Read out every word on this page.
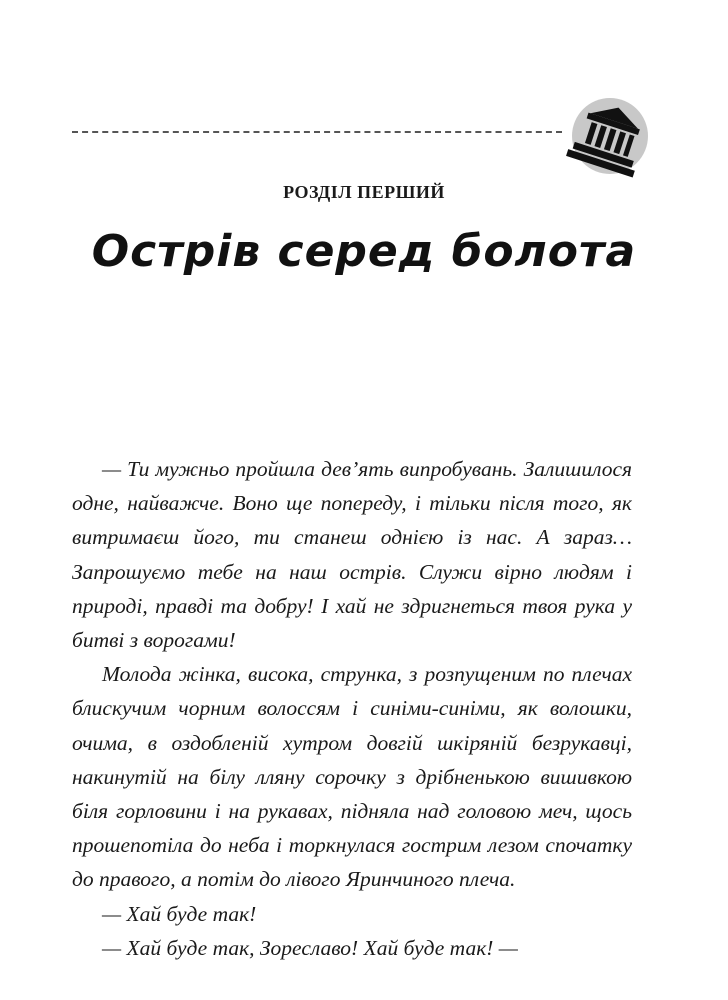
РОЗДІЛ ПЕРШИЙ
Острів серед болота

— Ти мужньо пройшла дев’ять випробувань. Залишилося одне, найважче. Воно ще попереду, і тільки після того, як витримаєш його, ти станеш однією із нас. А зараз… Запрошуємо тебе на наш острів. Служи вірно людям і природі, правді та добру! І хай не здригнеться твоя рука у битві з ворогами!

Молода жінка, висока, струнка, з розпущеним по плечах блискучим чорним волоссям і синіми-синіми, як волошки, очима, в оздобленій хутром довгій шкіряній безрукавці, накинутій на білу лляну сорочку з дрібненькою вишивкою біля горловини і на рукавах, підняла над головою меч, щось прошепотіла до неба і торкнулася гострим лезом спочатку до правого, а потім до лівого Яринчиного плеча.

— Хай буде так!

— Хай буде так, Зореславо! Хай буде так! —
